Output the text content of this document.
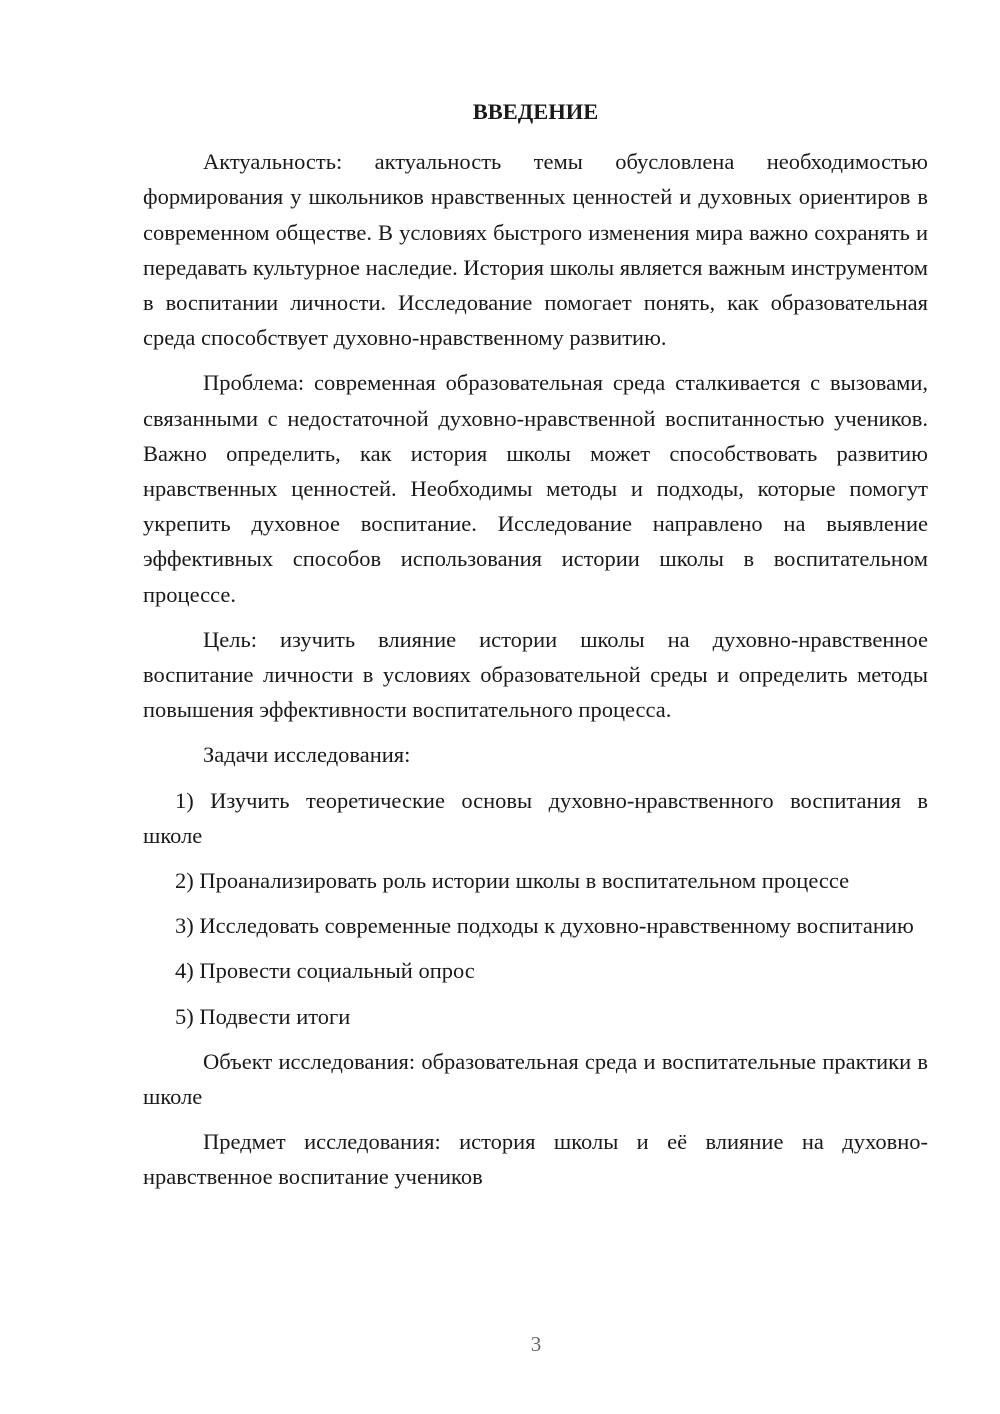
ВВЕДЕНИЕ

Актуальность: актуальность темы обусловлена необходимостью формирования у школьников нравственных ценностей и духовных ориентиров в современном обществе. В условиях быстрого изменения мира важно сохранять и передавать культурное наследие. История школы является важным инструментом в воспитании личности. Исследование помогает понять, как образовательная среда способствует духовно-нравственному развитию.

Проблема: современная образовательная среда сталкивается с вызовами, связанными с недостаточной духовно-нравственной воспитанностью учеников. Важно определить, как история школы может способствовать развитию нравственных ценностей. Необходимы методы и подходы, которые помогут укрепить духовное воспитание. Исследование направлено на выявление эффективных способов использования истории школы в воспитательном процессе.

Цель: изучить влияние истории школы на духовно-нравственное воспитание личности в условиях образовательной среды и определить методы повышения эффективности воспитательного процесса.

Задачи исследования:

1) Изучить теоретические основы духовно-нравственного воспитания в школе

2) Проанализировать роль истории школы в воспитательном процессе

3) Исследовать современные подходы к духовно-нравственному воспитанию

4) Провести социальный опрос

5) Подвести итоги

Объект исследования: образовательная среда и воспитательные практики в школе

Предмет исследования: история школы и её влияние на духовно-нравственное воспитание учеников

3
